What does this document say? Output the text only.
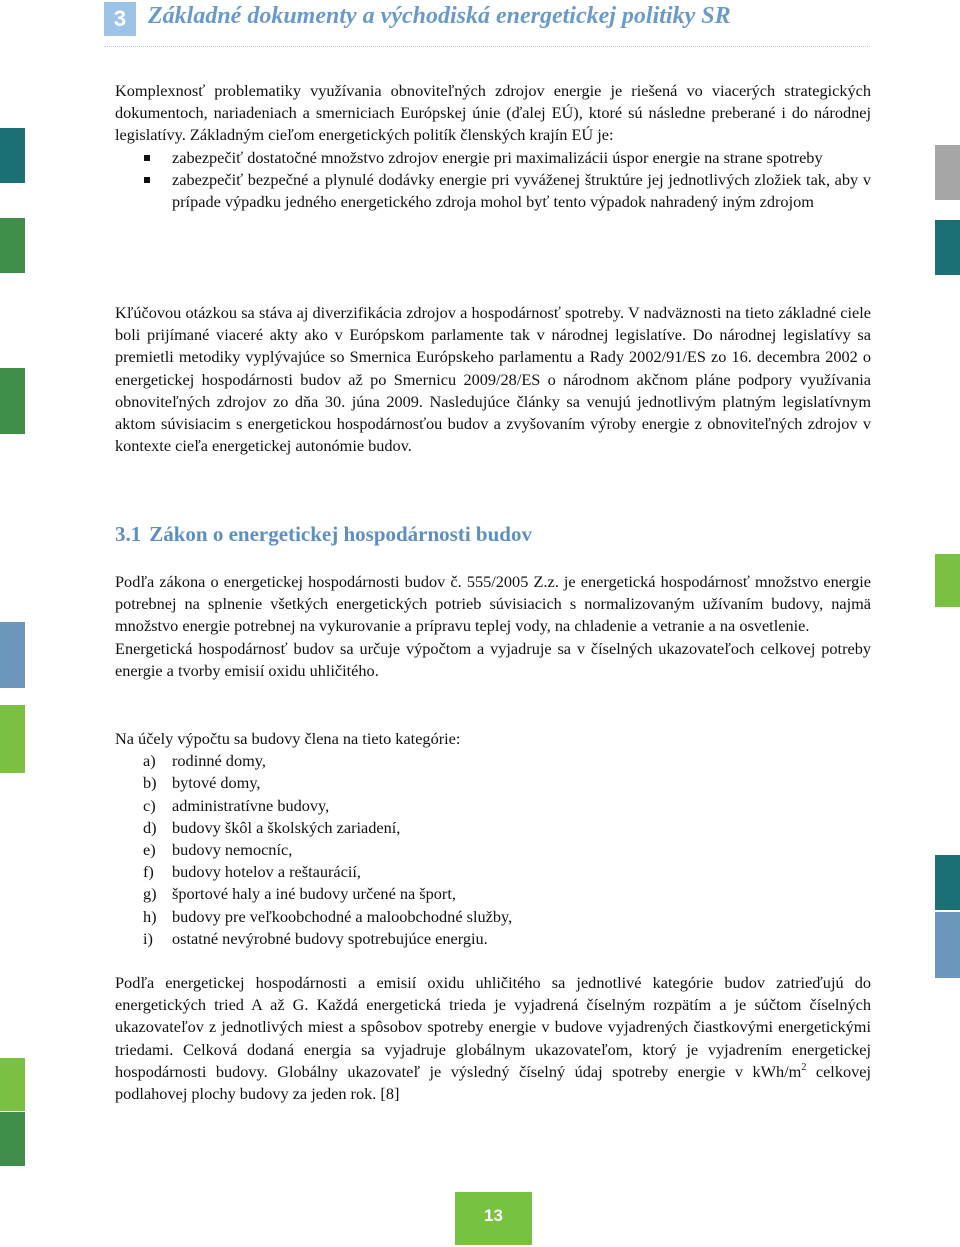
3 Základné dokumenty a východiská energetickej politiky SR

Komplexnosť problematiky využívania obnoviteľných zdrojov energie je riešená vo viacerých strategických dokumentoch, nariadeniach a smerniciach Európskej únie (ďalej EÚ), ktoré sú následne preberané i do národnej legislatívy. Základným cieľom energetických politík členských krajín EÚ je:

zabezpečiť dostatočné množstvo zdrojov energie pri maximalizácii úspor energie na strane spotreby
zabezpečiť bezpečné a plynulé dodávky energie pri vyváženej štruktúre jej jednotlivých zložiek tak, aby v prípade výpadku jedného energetického zdroja mohol byť tento výpadok nahradený iným zdrojom

Kľúčovou otázkou sa stáva aj diverzifikácia zdrojov a hospodárnosť spotreby. V nadväznosti na tieto základné ciele boli prijímané viaceré akty ako v Európskom parlamente tak v národnej legislatíve. Do národnej legislatívy sa premietli metodiky vyplývajúce so Smernica Európskeho parlamentu a Rady 2002/91/ES zo 16. decembra 2002 o energetickej hospodárnosti budov až po Smernicu 2009/28/ES o národnom akčnom pláne podpory využívania obnoviteľných zdrojov zo dňa 30. júna 2009. Nasledujúce články sa venujú jednotlivým platným legislatívnym aktom súvisiacim s energetickou hospodárnosťou budov a zvyšovaním výroby energie z obnoviteľných zdrojov v kontexte cieľa energetickej autonómie budov.

3.1 Zákon o energetickej hospodárnosti budov

Podľa zákona o energetickej hospodárnosti budov č. 555/2005 Z.z. je energetická hospodárnosť množstvo energie potrebnej na splnenie všetkých energetických potrieb súvisiacich s normalizovaným užívaním budovy, najmä množstvo energie potrebnej na vykurovanie a prípravu teplej vody, na chladenie a vetranie a na osvetlenie.

Energetická hospodárnosť budov sa určuje výpočtom a vyjadruje sa v číselných ukazovateľoch celkovej potreby energie a tvorby emisií oxidu uhličitého.

Na účely výpočtu sa budovy člena na tieto kategórie:

a) rodinné domy,
b) bytové domy,
c) administratívne budovy,
d) budovy škôl a školských zariadení,
e) budovy nemocníc,
f) budovy hotelov a reštaurácií,
g) športové haly a iné budovy určené na šport,
h) budovy pre veľkoobchodné a maloobchodné služby,
i) ostatné nevýrobné budovy spotrebujúce energiu.

Podľa energetickej hospodárnosti a emisií oxidu uhličitého sa jednotlivé kategórie budov zatrieďujú do energetických tried A až G. Každá energetická trieda je vyjadrená číselným rozpätím a je súčtom číselných ukazovateľov z jednotlivých miest a spôsobov spotreby energie v budove vyjadrených čiastkovými energetickými triedami. Celková dodaná energia sa vyjadruje globálnym ukazovateľom, ktorý je vyjadrením energetickej hospodárnosti budovy. Globálny ukazovateľ je výsledný číselný údaj spotreby energie v kWh/$m^2$ celkovej podlahovej plochy budovy za jeden rok. [8]

13
